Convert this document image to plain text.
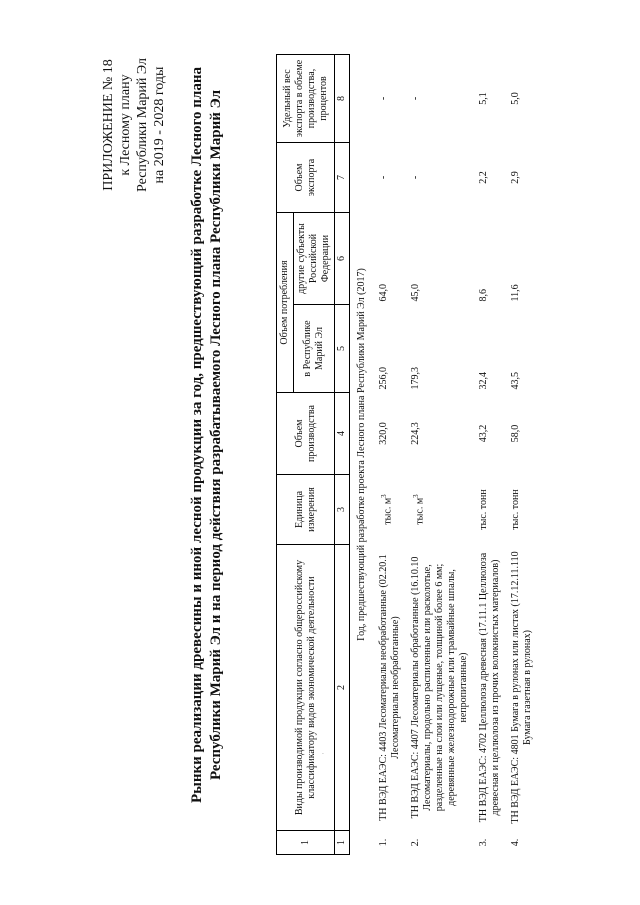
ПРИЛОЖЕНИЕ № 18 к Лесному плану Республики Марий Эл на 2019 - 2028 годы Рынки реализации древесины и иной лесной продукции за год, предшествующий разработке Лесного плана Республики Марий Эл и на период действия разрабатываемого Лесного плана Республики Марий Эл	·

1	Виды производимой продукции согласно общероссийскому классификатору видов экономической деятельности	Единица измерения	Объем производства	Объем потребления		Объем экспорта	Удельный вес экспорта в объеме производства, процентов
				в Республике Марий Эл	другие субъекты Российской Федерации		
1	2	3	4	5	6	7	8
Год, предшествующий разработке проекта Лесного плана Республики Марий Эл (2017)							
1.	ТН ВЭД ЕАЭС: 4403 Лесоматериалы необработанные (02.20.1 Лесоматериалы необработанные)	тыс. $м^3$	320,0	256,0	64,0	-	-
2.	ТН ВЭД ЕАЭС: 4407 Лесоматериалы обработанные (16.10.10 Лесоматериалы, продольно распиленные или расколотые, разделенные на слои или лущеные, толщиной более 6 мм; деревянные железнодорожные или трамвайные шпалы, непропитанные)	тыс. $м^3$	224,3	179,3	45,0	-	-
3.	ТН ВЭД ЕАЭС: 4702 Целлюлоза древесная (17.11.1 Целлюлоза древесная и целлюлоза из прочих волокнистых материалов)	тыс. тонн	43,2	32,4	8,6	2,2	5,1
4.	ТН ВЭД ЕАЭС: 4801 Бумага в рулонах или листах (17.12.11.110 Бумага газетная в рулонах)	тыс. тонн	58,0	43,5	11,6	2,9	5,0
